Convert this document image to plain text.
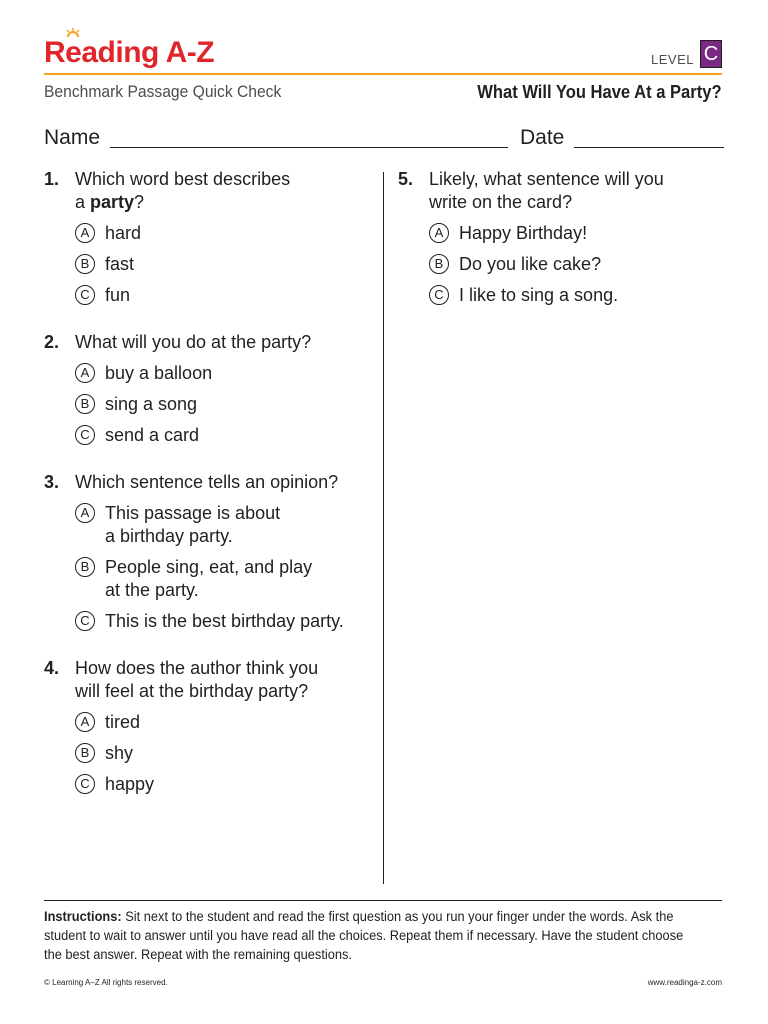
Reading A-Z	LEVEL C
Benchmark Passage Quick Check	What Will You Have At a Party?
Name	Date
1. Which word best describes
a party?
A hard
B fast
C fun
2. What will you do at the party?
A buy a balloon
B sing a song
C send a card
3. Which sentence tells an opinion?
A This passage is about
a birthday party.
B People sing, eat, and play
at the party.
C This is the best birthday party.
4. How does the author think you
will feel at the birthday party?
A tired
B shy
C happy
5. Likely, what sentence will you
write on the card?
A Happy Birthday!
B Do you like cake?
C I like to sing a song.
Instructions: Sit next to the student and read the first question as you run your finger under the words. Ask the
student to wait to answer until you have read all the choices. Repeat them if necessary. Have the student choose
the best answer. Repeat with the remaining questions.
© Learning A–Z All rights reserved.	www.readinga-z.com
